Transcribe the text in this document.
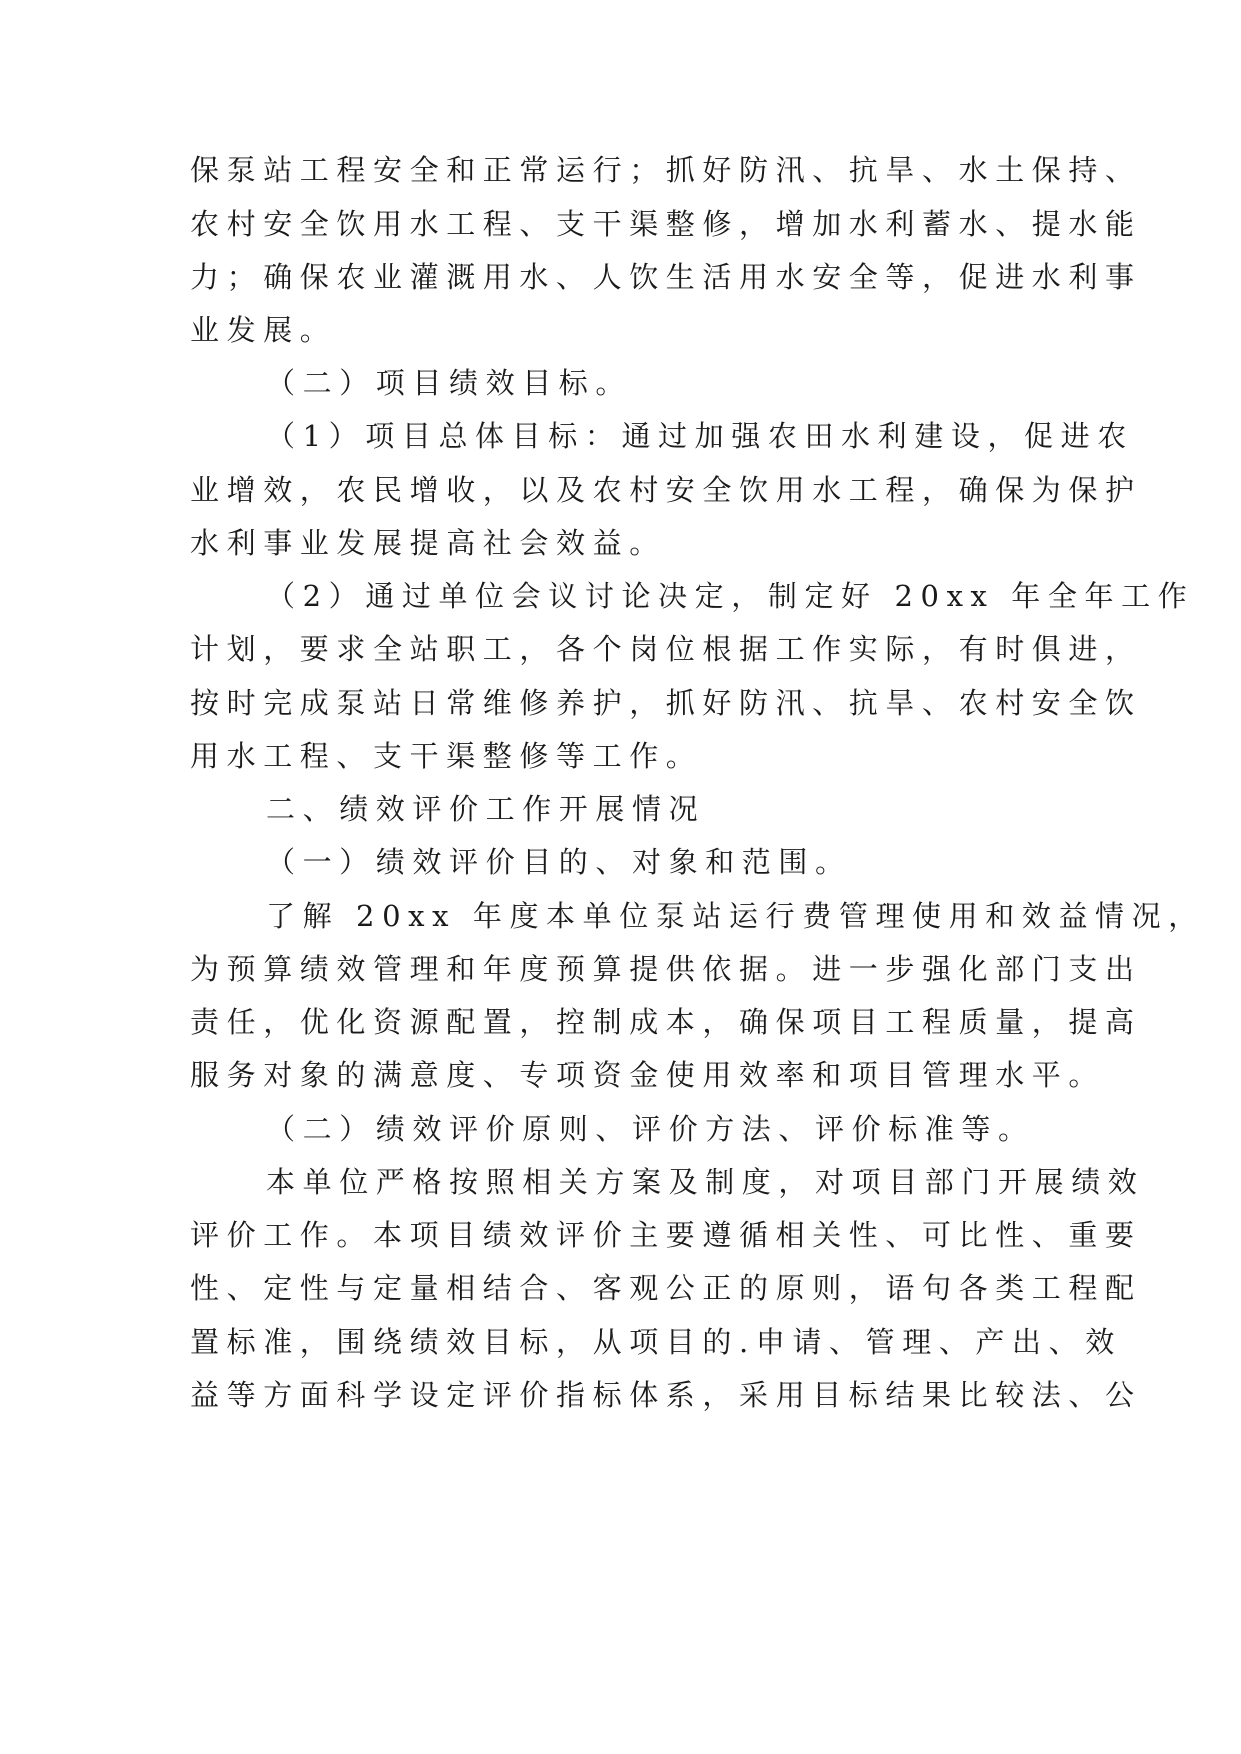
保泵站工程安全和正常运行；抓好防汛、抗旱、水土保持、
农村安全饮用水工程、支干渠整修，增加水利蓄水、提水能
力；确保农业灌溉用水、人饮生活用水安全等，促进水利事
业发展。
（二）项目绩效目标。
（1）项目总体目标：通过加强农田水利建设，促进农
业增效，农民增收，以及农村安全饮用水工程，确保为保护
水利事业发展提高社会效益。
（2）通过单位会议讨论决定，制定好 20xx 年全年工作
计划，要求全站职工，各个岗位根据工作实际，有时俱进，
按时完成泵站日常维修养护，抓好防汛、抗旱、农村安全饮
用水工程、支干渠整修等工作。
二、绩效评价工作开展情况
（一）绩效评价目的、对象和范围。
了解 20xx 年度本单位泵站运行费管理使用和效益情况，
为预算绩效管理和年度预算提供依据。进一步强化部门支出
责任，优化资源配置，控制成本，确保项目工程质量，提高
服务对象的满意度、专项资金使用效率和项目管理水平。
（二）绩效评价原则、评价方法、评价标准等。
本单位严格按照相关方案及制度，对项目部门开展绩效
评价工作。本项目绩效评价主要遵循相关性、可比性、重要
性、定性与定量相结合、客观公正的原则，语句各类工程配
置标准，围绕绩效目标，从项目的.申请、管理、产出、效
益等方面科学设定评价指标体系，采用目标结果比较法、公
